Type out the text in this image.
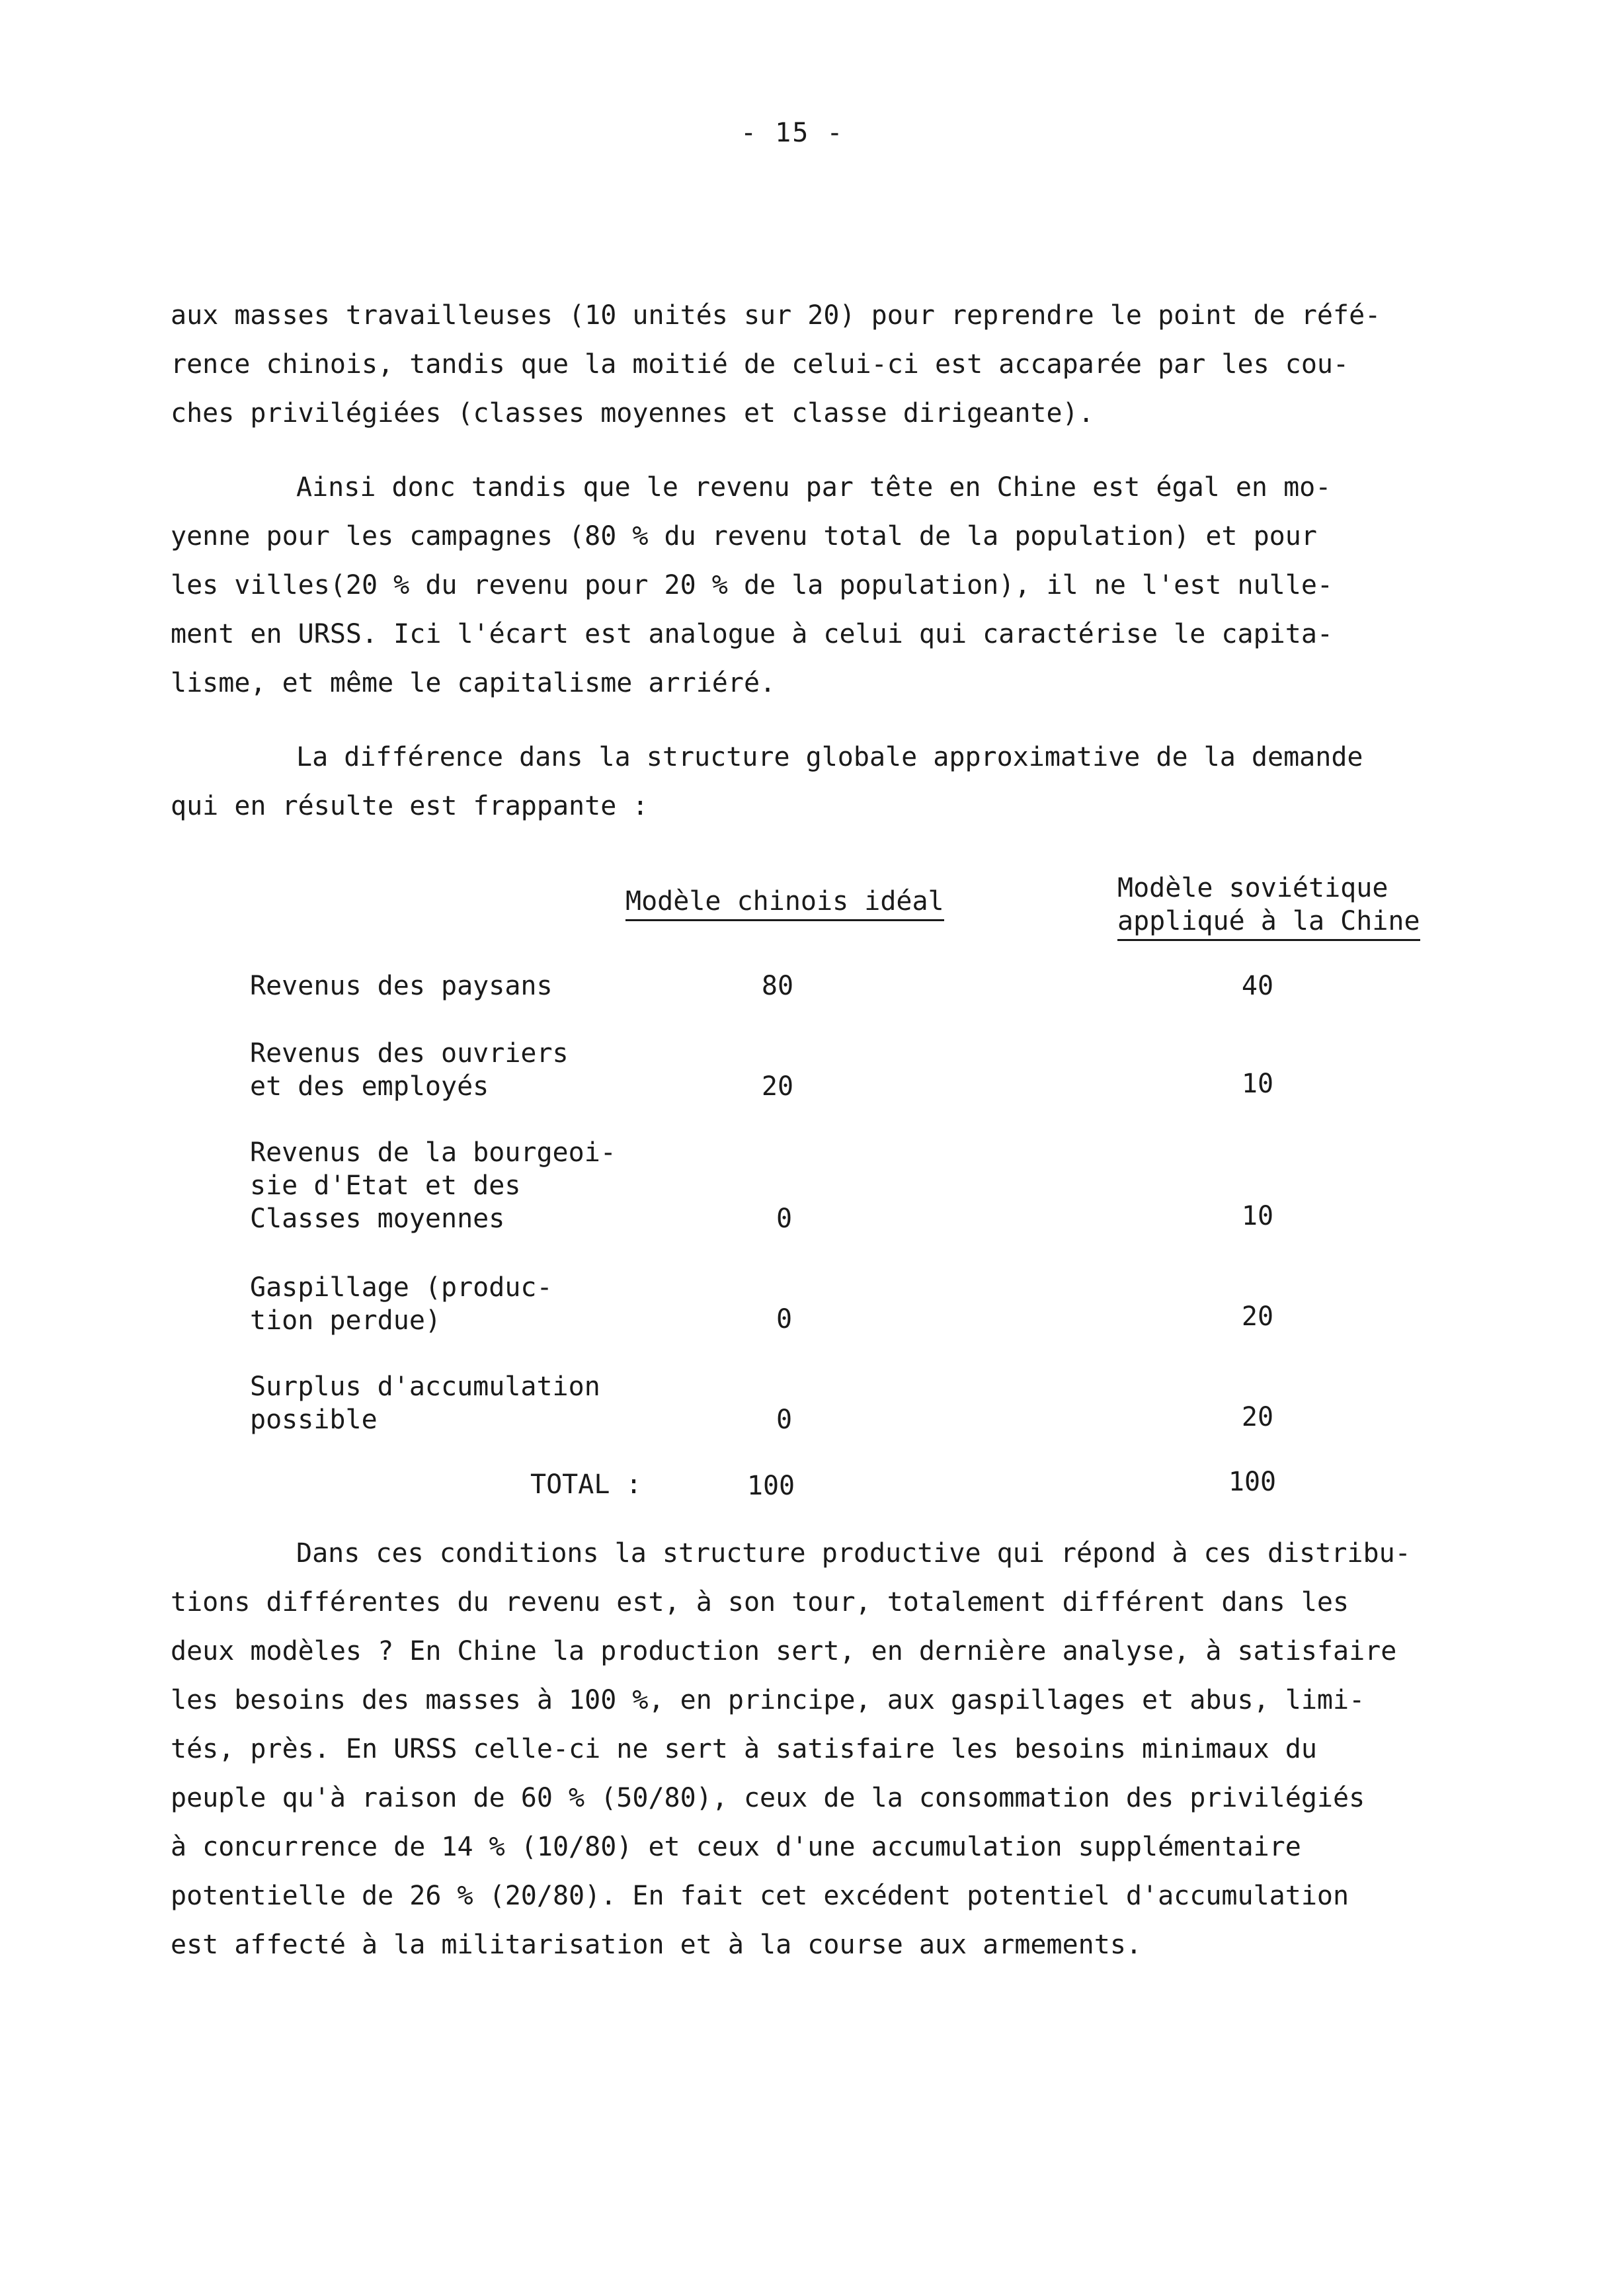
- 15 -
aux masses travailleuses (10 unités sur 20) pour reprendre le point de réfé-
rence chinois, tandis que la moitié de celui-ci est accaparée par les cou-
ches privilégiées (classes moyennes et classe dirigeante).
Ainsi donc tandis que le revenu par tête en Chine est égal en mo-
yenne pour les campagnes (80 % du revenu total de la population) et pour
les villes(20 % du revenu pour 20 % de la population), il ne l'est nulle-
ment en URSS. Ici l'écart est analogue à celui qui caractérise le capita-
lisme, et même le capitalisme arriéré.
La différence dans la structure globale approximative de la demande
qui en résulte est frappante :
Modèle chinois idéal	Modèle soviétique
appliqué à la Chine
Revenus des paysans	80	40
Revenus des ouvriers
et des employés	20	10
Revenus de la bourgeoi-
sie d'Etat et des
Classes moyennes	0	10
Gaspillage (produc-
tion perdue)	0	20
Surplus d'accumulation
possible	0	20
TOTAL :	100	100
Dans ces conditions la structure productive qui répond à ces distribu-
tions différentes du revenu est, à son tour, totalement différent dans les
deux modèles ? En Chine la production sert, en dernière analyse, à satisfaire
les besoins des masses à 100 %, en principe, aux gaspillages et abus, limi-
tés, près. En URSS celle-ci ne sert à satisfaire les besoins minimaux du
peuple qu'à raison de 60 % (50/80), ceux de la consommation des privilégiés
à concurrence de 14 % (10/80) et ceux d'une accumulation supplémentaire
potentielle de 26 % (20/80). En fait cet excédent potentiel d'accumulation
est affecté à la militarisation et à la course aux armements.
